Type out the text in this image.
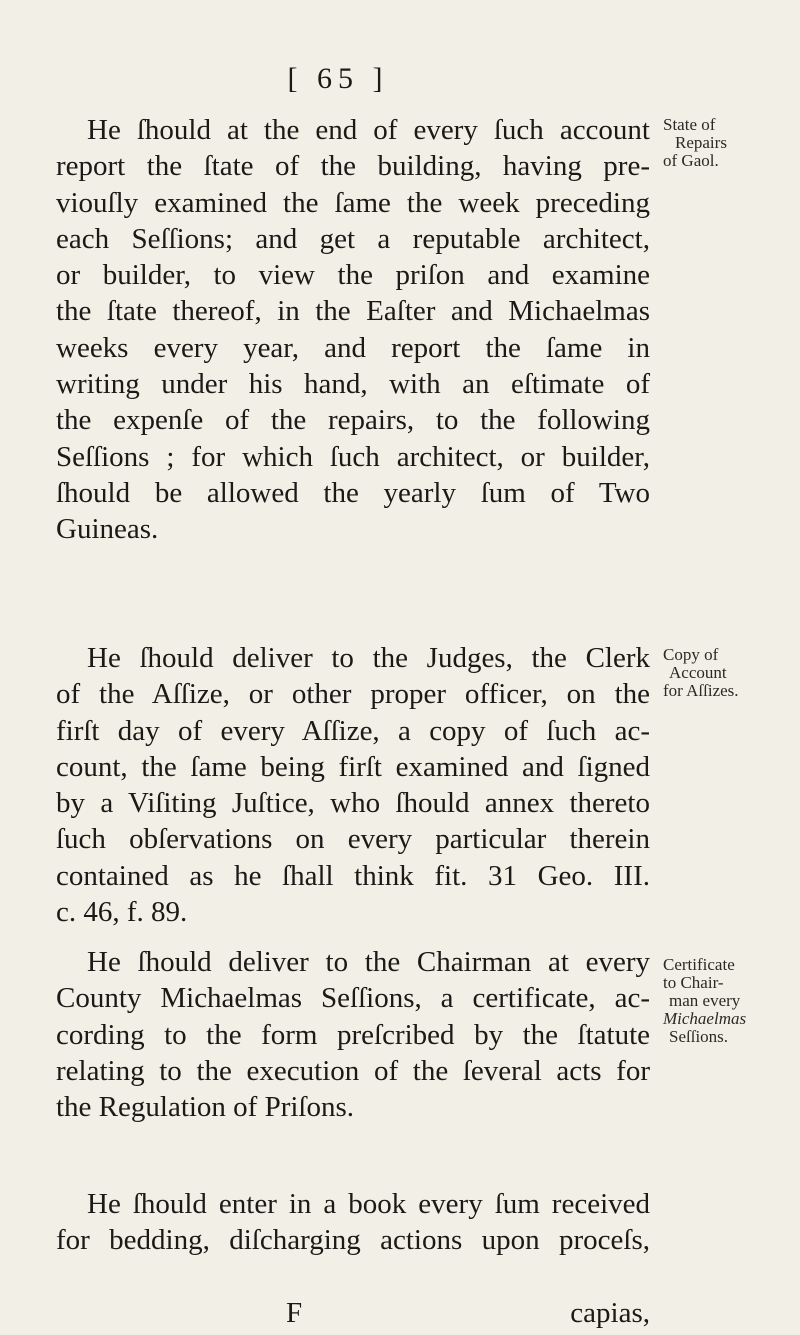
[ 65 ]

He ſhould at the end of every ſuch account
report the ſtate of the building, having pre-
viouſly examined the ſame the week preceding
each Seſſions; and get a reputable architect,
or builder, to view the priſon and examine
the ſtate thereof, in the Eaſter and Michaelmas
weeks every year, and report the ſame in
writing under his hand, with an eſtimate of
the expenſe of the repairs, to the following
Seſſions ; for which ſuch architect, or builder,
ſhould be allowed the yearly ſum of Two
Guineas.

State of
Repairs
of Gaol.

He ſhould deliver to the Judges, the Clerk
of the Aſſize, or other proper officer, on the
firſt day of every Aſſize, a copy of ſuch ac-
count, the ſame being firſt examined and ſigned
by a Viſiting Juſtice, who ſhould annex thereto
ſuch obſervations on every particular therein
contained as he ſhall think fit. 31 Geo. III.
c. 46, f. 89.

Copy of
Account
for Aſſizes.

He ſhould deliver to the Chairman at every
County Michaelmas Seſſions, a certificate, ac-
cording to the form preſcribed by the ſtatute
relating to the execution of the ſeveral acts for
the Regulation of Priſons.

Certificate
to Chair-
man every
Michaelmas
Seſſions.

He ſhould enter in a book every ſum received
for bedding, diſcharging actions upon proceſs,

F	capias,
